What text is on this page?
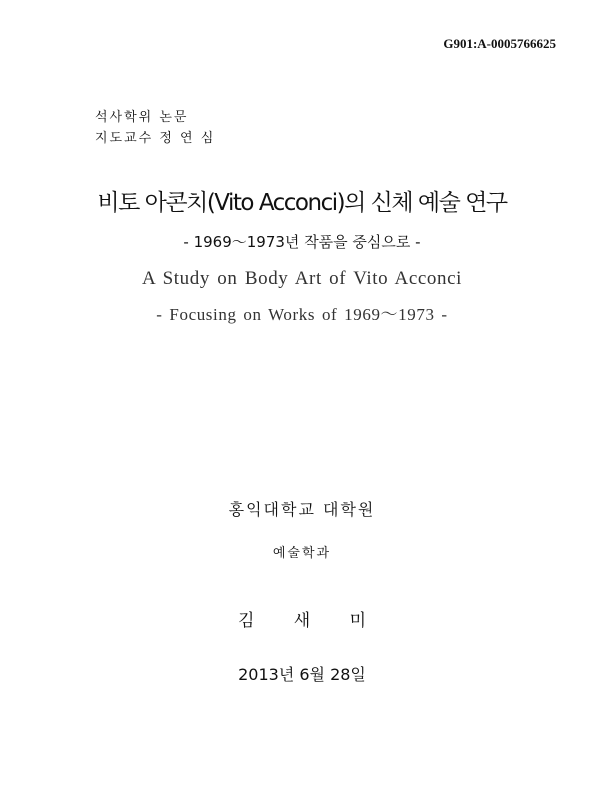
G901:A-0005766625

석사학위 논문

지도교수 정 연 심

비토 아콘치(Vito Acconci)의 신체 예술 연구

- 1969～1973년 작품을 중심으로 -

A Study on Body Art of Vito Acconci

- Focusing on Works of 1969～1973 -

홍익대학교 대학원

예술학과

김 새 미

2013년 6월 28일
